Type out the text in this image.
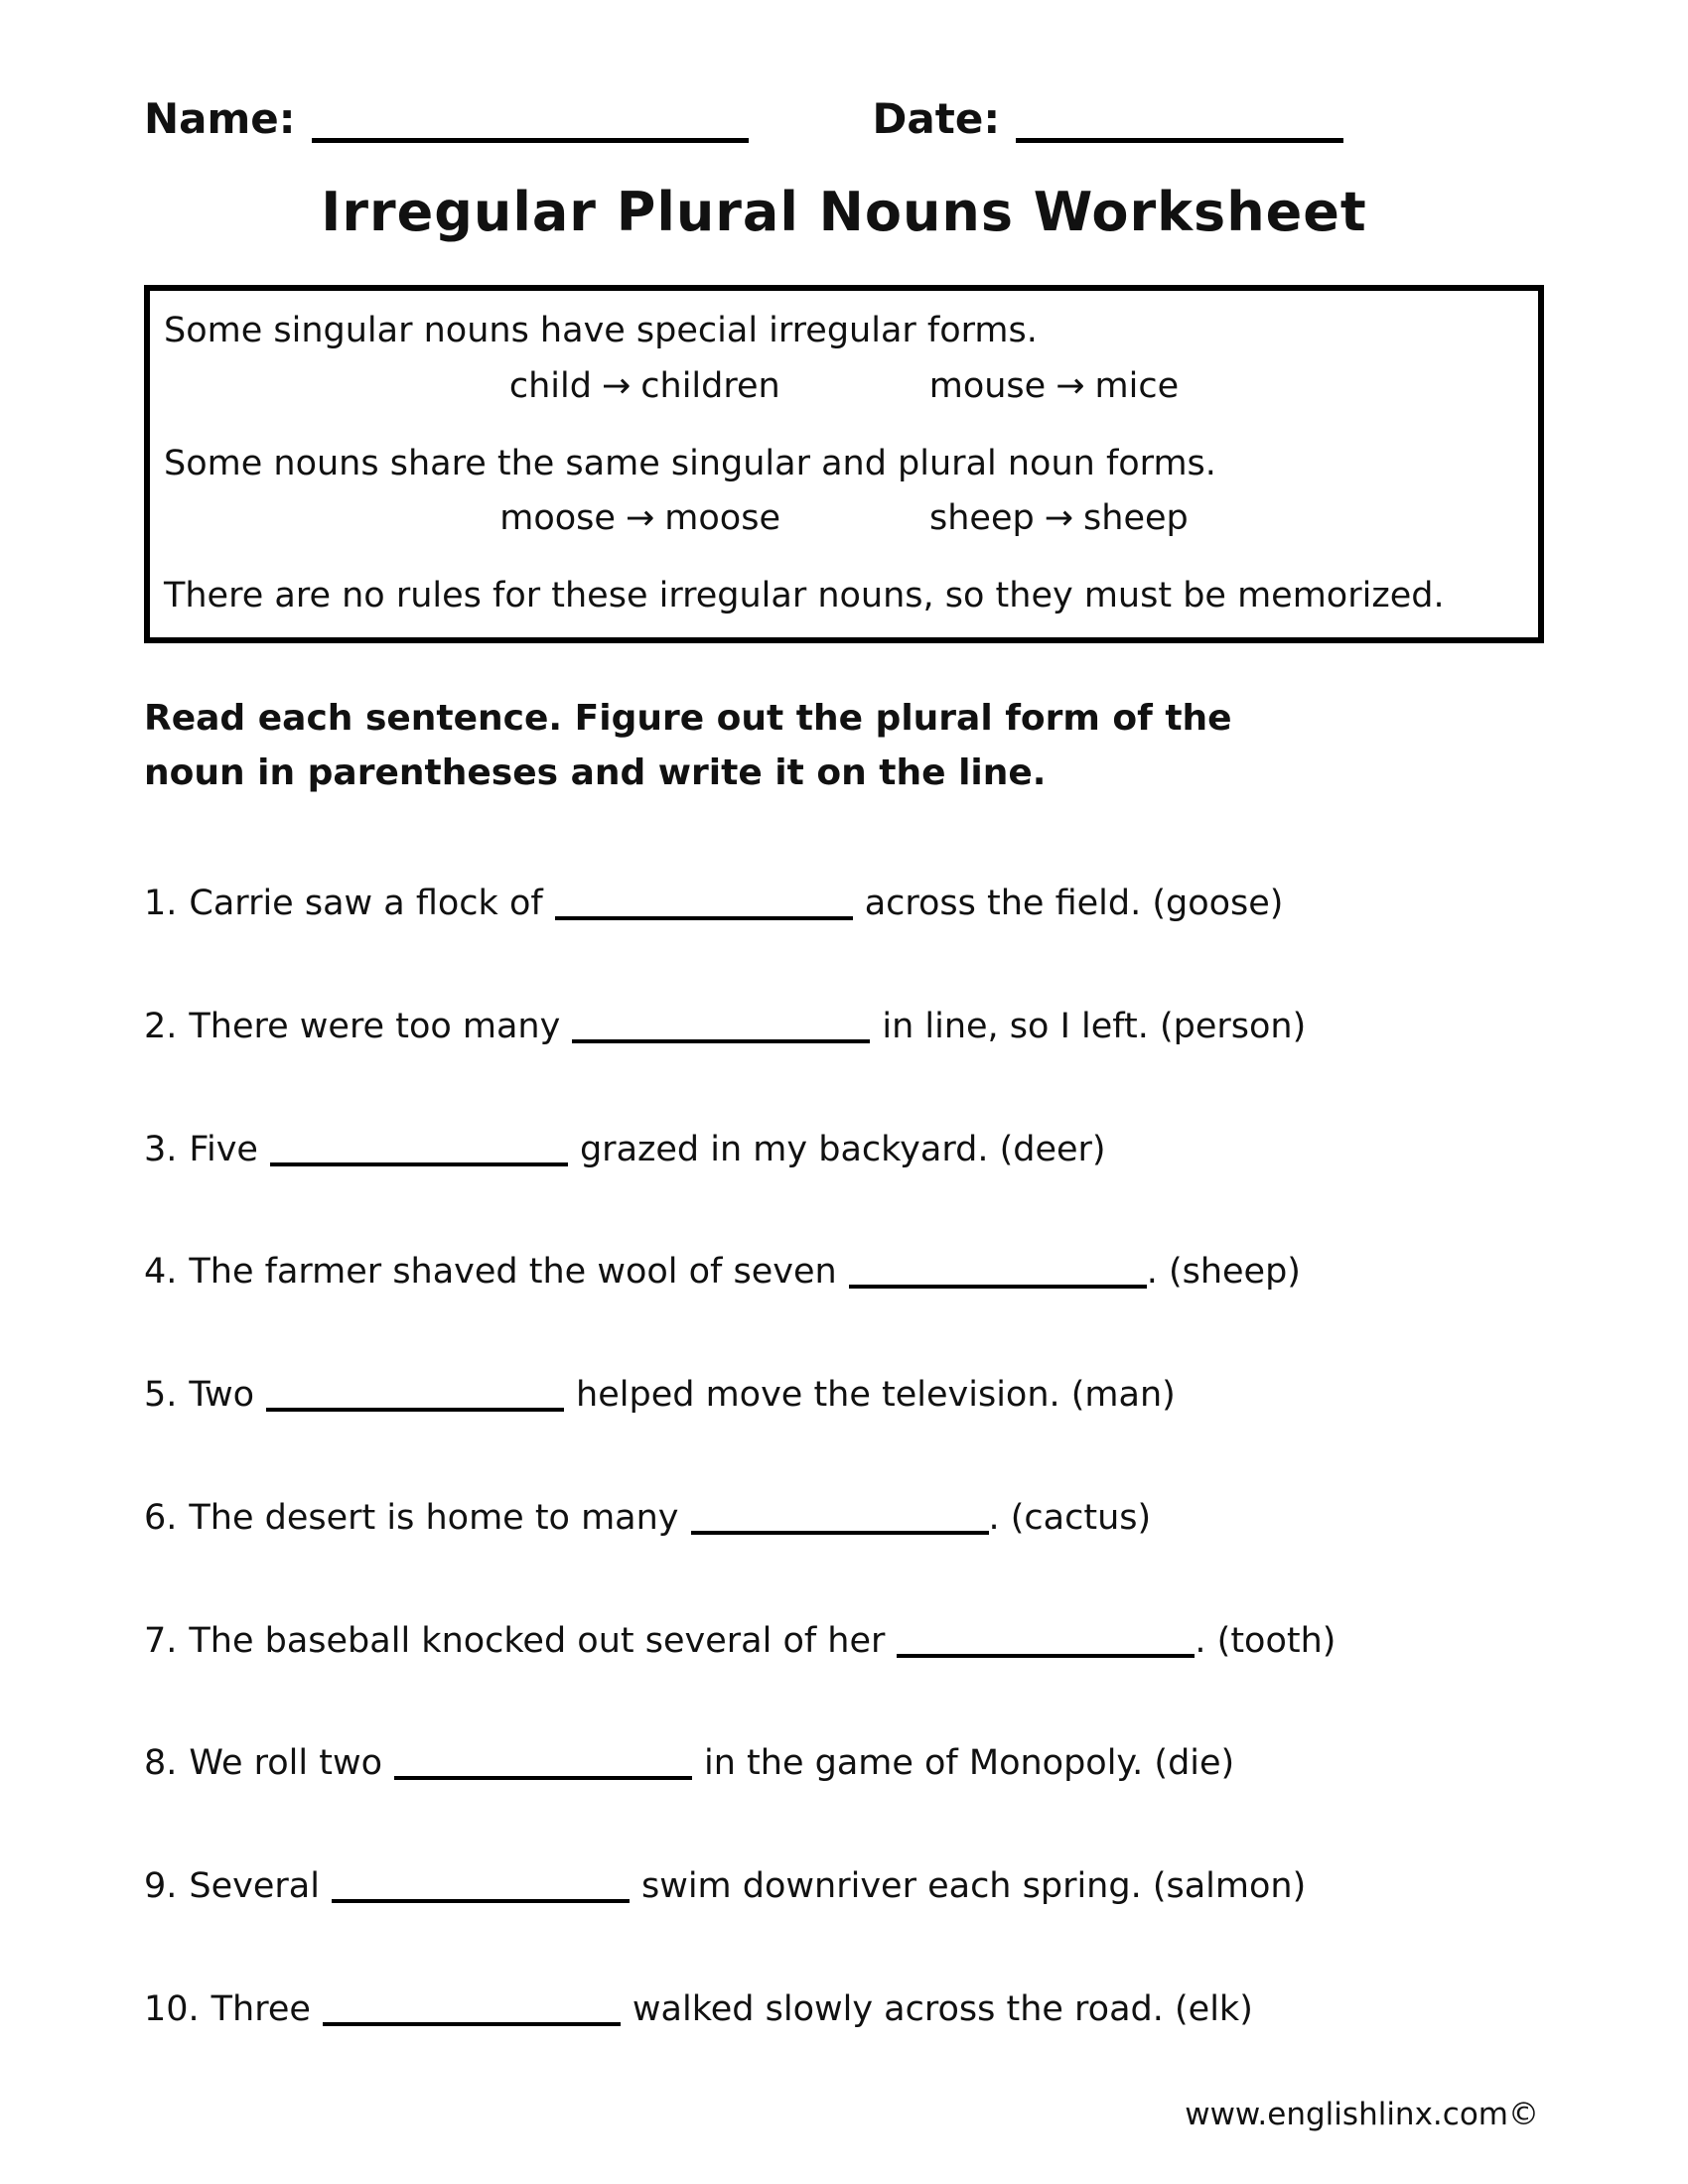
Name:	Date:
Irregular Plural Nouns Worksheet

Some singular nouns have special irregular forms.

child → children	mouse → mice

Some nouns share the same singular and plural noun forms.

moose → moose	sheep → sheep

There are no rules for these irregular nouns, so they must be memorized.

Read each sentence. Figure out the plural form of the noun in parentheses and write it on the line.

1. Carrie saw a flock of	across the field. (goose)
2. There were too many	in line, so I left. (person)
3. Five	grazed in my backyard. (deer)
4. The farmer shaved the wool of seven	. (sheep)
5. Two	helped move the television. (man)
6. The desert is home to many	. (cactus)
7. The baseball knocked out several of her	. (tooth)
8. We roll two	in the game of Monopoly. (die)
9. Several	swim downriver each spring. (salmon)
10. Three	walked slowly across the road. (elk)
www.englishlinx.com©
